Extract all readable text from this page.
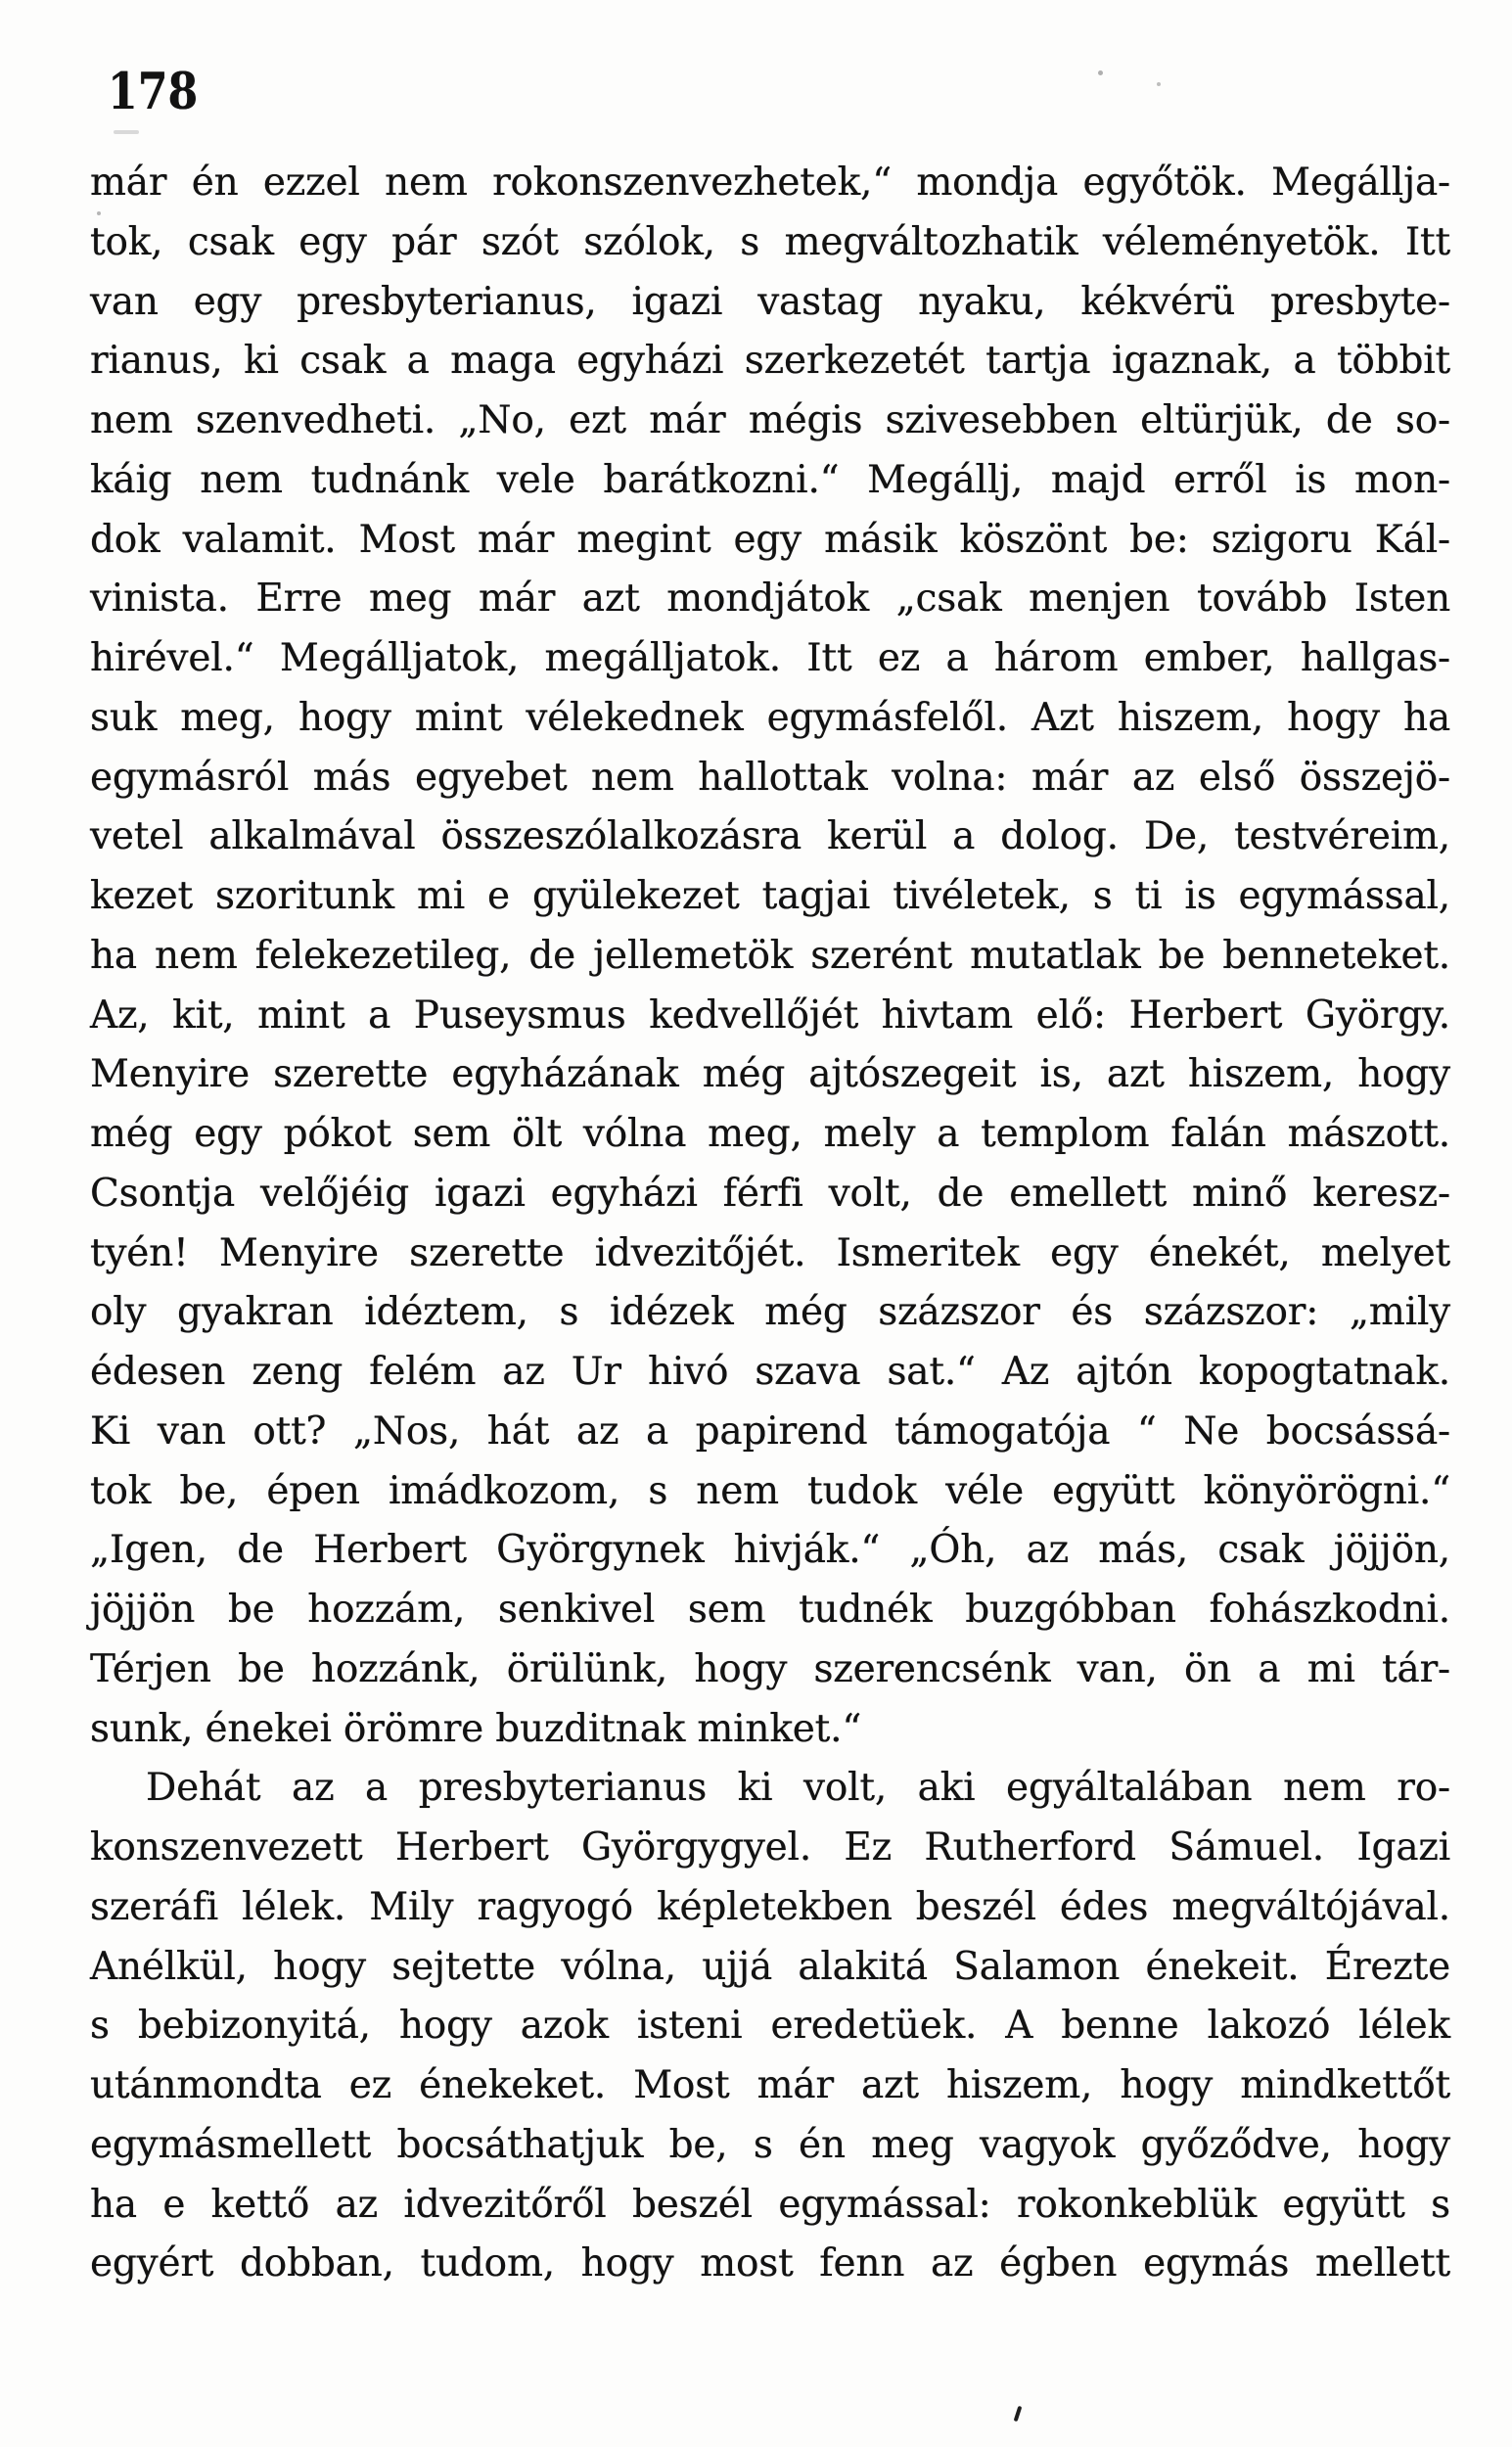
178
már én ezzel nem rokonszenvezhetek,“ mondja egyőtök. Megállja-
tok, csak egy pár szót szólok, s megváltozhatik véleményetök. Itt
van egy presbyterianus, igazi vastag nyaku, kékvérü presbyte-
rianus, ki csak a maga egyházi szerkezetét tartja igaznak, a többit
nem szenvedheti. „No, ezt már mégis szivesebben eltürjük, de so-
káig nem tudnánk vele barátkozni.“ Megállj, majd erről is mon-
dok valamit. Most már megint egy másik köszönt be: szigoru Kál-
vinista. Erre meg már azt mondjátok „csak menjen tovább Isten
hirével.“ Megálljatok, megálljatok. Itt ez a három ember, hallgas-
suk meg, hogy mint vélekednek egymásfelől. Azt hiszem, hogy ha
egymásról más egyebet nem hallottak volna: már az első összejö-
vetel alkalmával összeszólalkozásra kerül a dolog. De, testvéreim,
kezet szoritunk mi e gyülekezet tagjai tivéletek, s ti is egymással,
ha nem felekezetileg, de jellemetök szerént mutatlak be benneteket.
Az, kit, mint a Puseysmus kedvellőjét hivtam elő: Herbert György.
Menyire szerette egyházának még ajtószegeit is, azt hiszem, hogy
még egy pókot sem ölt vólna meg, mely a templom falán mászott.
Csontja velőjéig igazi egyházi férfi volt, de emellett minő keresz-
tyén! Menyire szerette idvezitőjét. Ismeritek egy énekét, melyet
oly gyakran idéztem, s idézek még százszor és százszor: „mily
édesen zeng felém az Ur hivó szava sat.“ Az ajtón kopogtatnak.
Ki van ott? „Nos, hát az a papirend támogatója “ Ne bocsássá-
tok be, épen imádkozom, s nem tudok véle együtt könyörögni.“
„Igen, de Herbert Györgynek hivják.“ „Óh, az más, csak jöjjön,
jöjjön be hozzám, senkivel sem tudnék buzgóbban fohászkodni.
Térjen be hozzánk, örülünk, hogy szerencsénk van, ön a mi tár-
sunk, énekei örömre buzditnak minket.“
Dehát az a presbyterianus ki volt, aki egyáltalában nem ro-
konszenvezett Herbert Györgygyel. Ez Rutherford Sámuel. Igazi
szeráfi lélek. Mily ragyogó képletekben beszél édes megváltójával.
Anélkül, hogy sejtette vólna, ujjá alakitá Salamon énekeit. Érezte
s bebizonyitá, hogy azok isteni eredetüek. A benne lakozó lélek
utánmondta ez énekeket. Most már azt hiszem, hogy mindkettőt
egymásmellett bocsáthatjuk be, s én meg vagyok győződve, hogy
ha e kettő az idvezitőről beszél egymással: rokonkeblük együtt s
egyért dobban, tudom, hogy most fenn az égben egymás mellett
